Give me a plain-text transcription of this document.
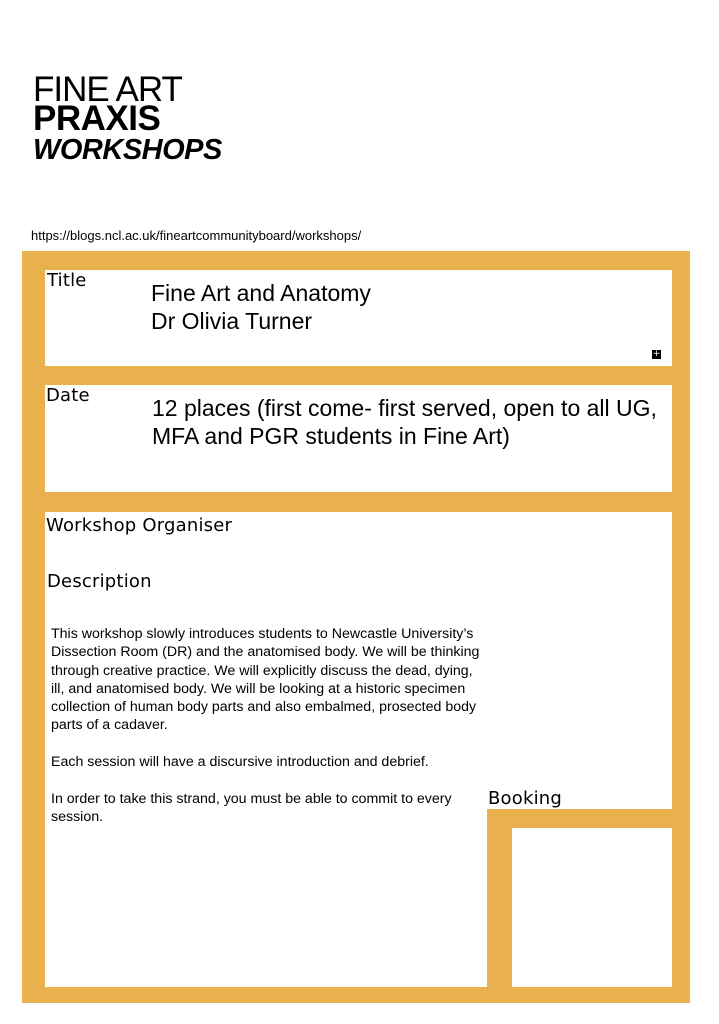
FINE ART
PRAXIS
WORKSHOPS
https://blogs.ncl.ac.uk/fineartcommunityboard/workshops/
Title	Fine Art and Anatomy
Dr Olivia Turner
+
Date	12 places (first come- first served, open to all UG, MFA and PGR students in Fine Art)
Workshop Organiser
Description

This workshop slowly introduces students to Newcastle University’s Dissection Room (DR) and the anatomised body. We will be thinking through creative practice. We will explicitly discuss the dead, dying, ill, and anatomised body. We will be looking at a historic specimen collection of human body parts and also embalmed, prosected body parts of a cadaver.

Each session will have a discursive introduction and debrief.

In order to take this strand, you must be able to commit to every session.

Booking
